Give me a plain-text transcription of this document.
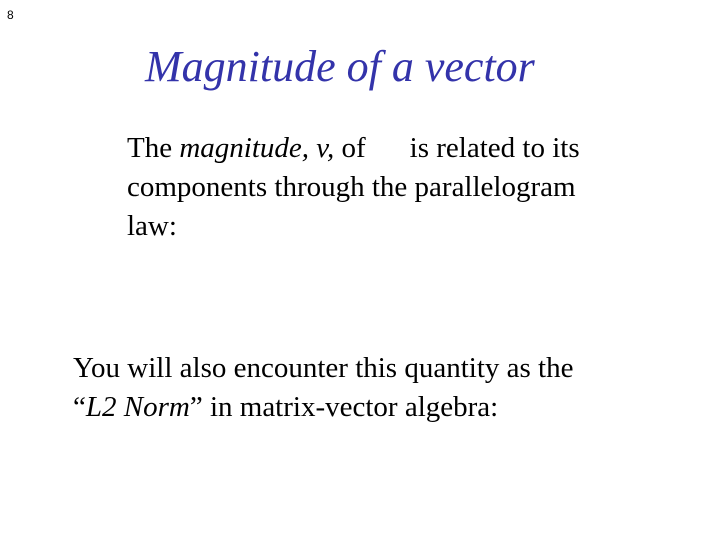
8
Magnitude of a vector
The magnitude, v, of is related to its
components through the parallelogram
law:
You will also encounter this quantity as the
“L2 Norm” in matrix-vector algebra:
